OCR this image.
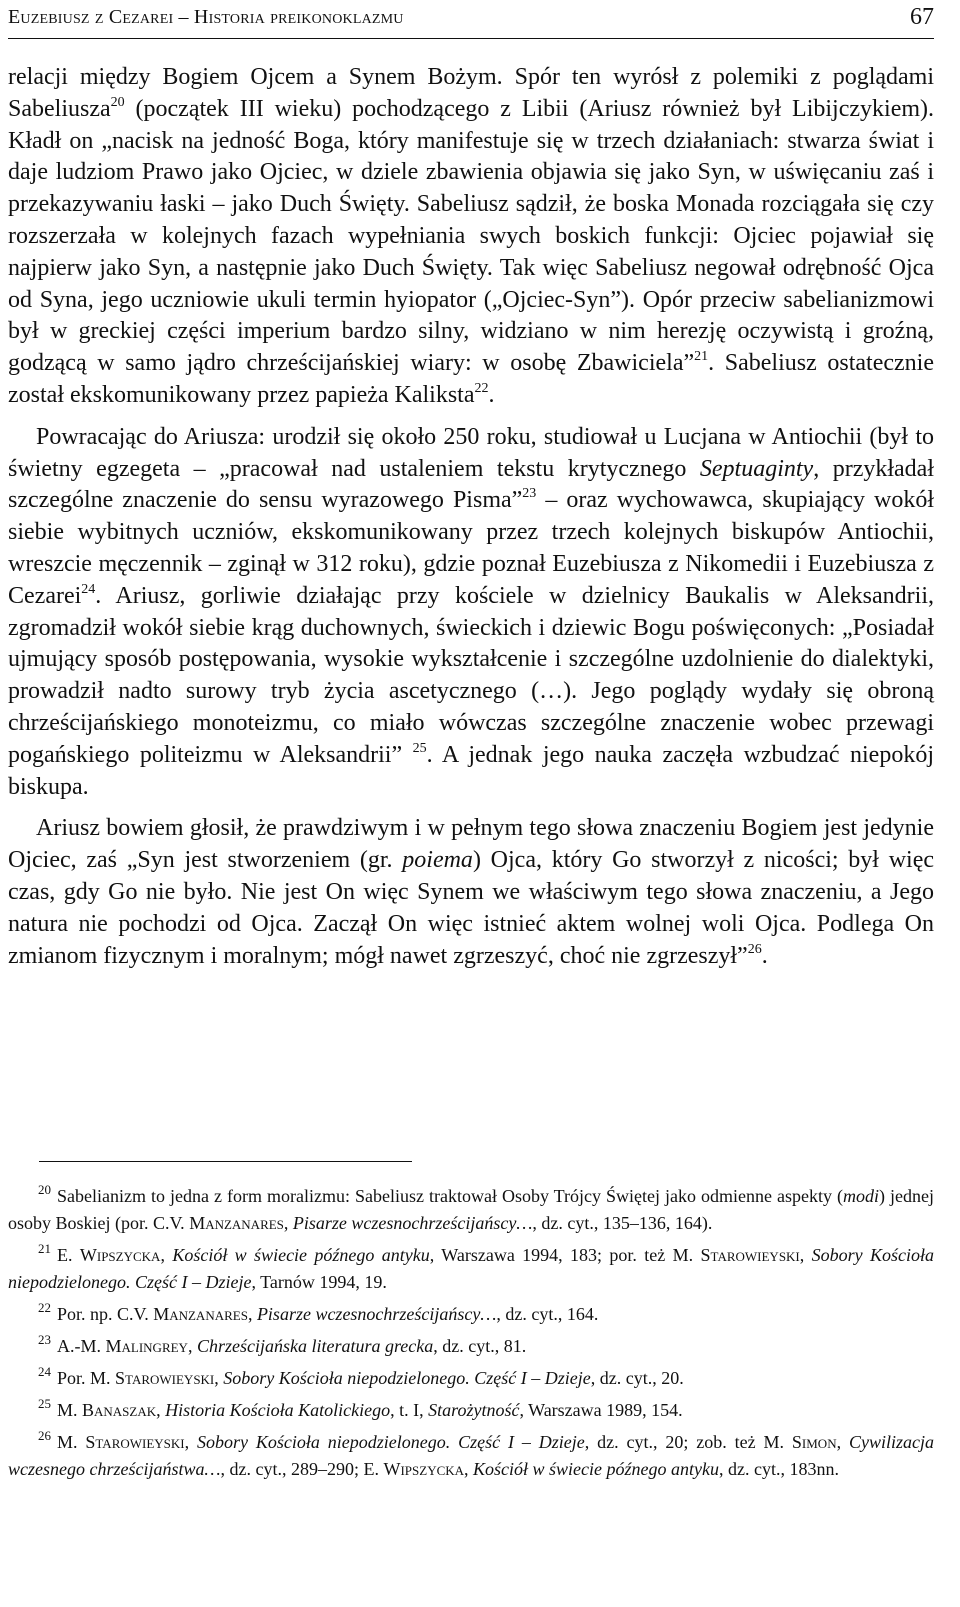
Euzebiusz z Cezarei – Historia preikonoklazmu	67

relacji między Bogiem Ojcem a Synem Bożym. Spór ten wyrósł z polemiki z poglądami Sabeliusza$^{20}$ (początek III wieku) pochodzącego z Libii (Ariusz również był Libijczykiem). Kładł on „nacisk na jedność Boga, który manifestuje się w trzech działaniach: stwarza świat i daje ludziom Prawo jako Ojciec, w dziele zbawienia objawia się jako Syn, w uświęcaniu zaś i przekazywaniu łaski – jako Duch Święty. Sabeliusz sądził, że boska Monada rozciągała się czy rozszerzała w kolejnych fazach wypełniania swych boskich funkcji: Ojciec pojawiał się najpierw jako Syn, a następnie jako Duch Święty. Tak więc Sabeliusz negował odrębność Ojca od Syna, jego uczniowie ukuli termin hyiopator („Ojciec-Syn”). Opór przeciw sabelianizmowi był w greckiej części imperium bardzo silny, widziano w nim herezję oczywistą i groźną, godzącą w samo jądro chrześcijańskiej wiary: w osobę Zbawiciela”$^{21}$. Sabeliusz ostatecznie został ekskomunikowany przez papieża Kaliksta$^{22}$.

Powracając do Ariusza: urodził się około 250 roku, studiował u Lucjana w Antiochii (był to świetny egzegeta – „pracował nad ustaleniem tekstu krytycznego Septuaginty, przykładał szczególne znaczenie do sensu wyrazowego Pisma”$^{23}$ – oraz wychowawca, skupiający wokół siebie wybitnych uczniów, ekskomunikowany przez trzech kolejnych biskupów Antiochii, wreszcie męczennik – zginął w 312 roku), gdzie poznał Euzebiusza z Nikomedii i Euzebiusza z Cezarei$^{24}$. Ariusz, gorliwie działając przy kościele w dzielnicy Baukalis w Aleksandrii, zgromadził wokół siebie krąg duchownych, świeckich i dziewic Bogu poświęconych: „Posiadał ujmujący sposób postępowania, wysokie wykształcenie i szczególne uzdolnienie do dialektyki, prowadził nadto surowy tryb życia ascetycznego (…). Jego poglądy wydały się obroną chrześcijańskiego monoteizmu, co miało wówczas szczególne znaczenie wobec przewagi pogańskiego politeizmu w Aleksandrii” $^{25}$. A jednak jego nauka zaczęła wzbudzać niepokój biskupa.

Ariusz bowiem głosił, że prawdziwym i w pełnym tego słowa znaczeniu Bogiem jest jedynie Ojciec, zaś „Syn jest stworzeniem (gr. poiema) Ojca, który Go stworzył z nicości; był więc czas, gdy Go nie było. Nie jest On więc Synem we właściwym tego słowa znaczeniu, a Jego natura nie pochodzi od Ojca. Zaczął On więc istnieć aktem wolnej woli Ojca. Podlega On zmianom fizycznym i moralnym; mógł nawet zgrzeszyć, choć nie zgrzeszył”$^{26}$.

$^{20}$ Sabelianizm to jedna z form moralizmu: Sabeliusz traktował Osoby Trójcy Świętej jako odmienne aspekty (modi) jednej osoby Boskiej (por. C.V. Manzanares, Pisarze wczesnochrześcijańscy…, dz. cyt., 135–136, 164).

$^{21}$ E. Wipszycka, Kościół w świecie późnego antyku, Warszawa 1994, 183; por. też M. Starowieyski, Sobory Kościoła niepodzielonego. Część I – Dzieje, Tarnów 1994, 19.

$^{22}$ Por. np. C.V. Manzanares, Pisarze wczesnochrześcijańscy…, dz. cyt., 164.

$^{23}$ A.-M. Malingrey, Chrześcijańska literatura grecka, dz. cyt., 81.

$^{24}$ Por. M. Starowieyski, Sobory Kościoła niepodzielonego. Część I – Dzieje, dz. cyt., 20.

$^{25}$ M. Banaszak, Historia Kościoła Katolickiego, t. I, Starożytność, Warszawa 1989, 154.

$^{26}$ M. Starowieyski, Sobory Kościoła niepodzielonego. Część I – Dzieje, dz. cyt., 20; zob. też M. Simon, Cywilizacja wczesnego chrześcijaństwa…, dz. cyt., 289–290; E. Wipszycka, Kościół w świecie późnego antyku, dz. cyt., 183nn.
